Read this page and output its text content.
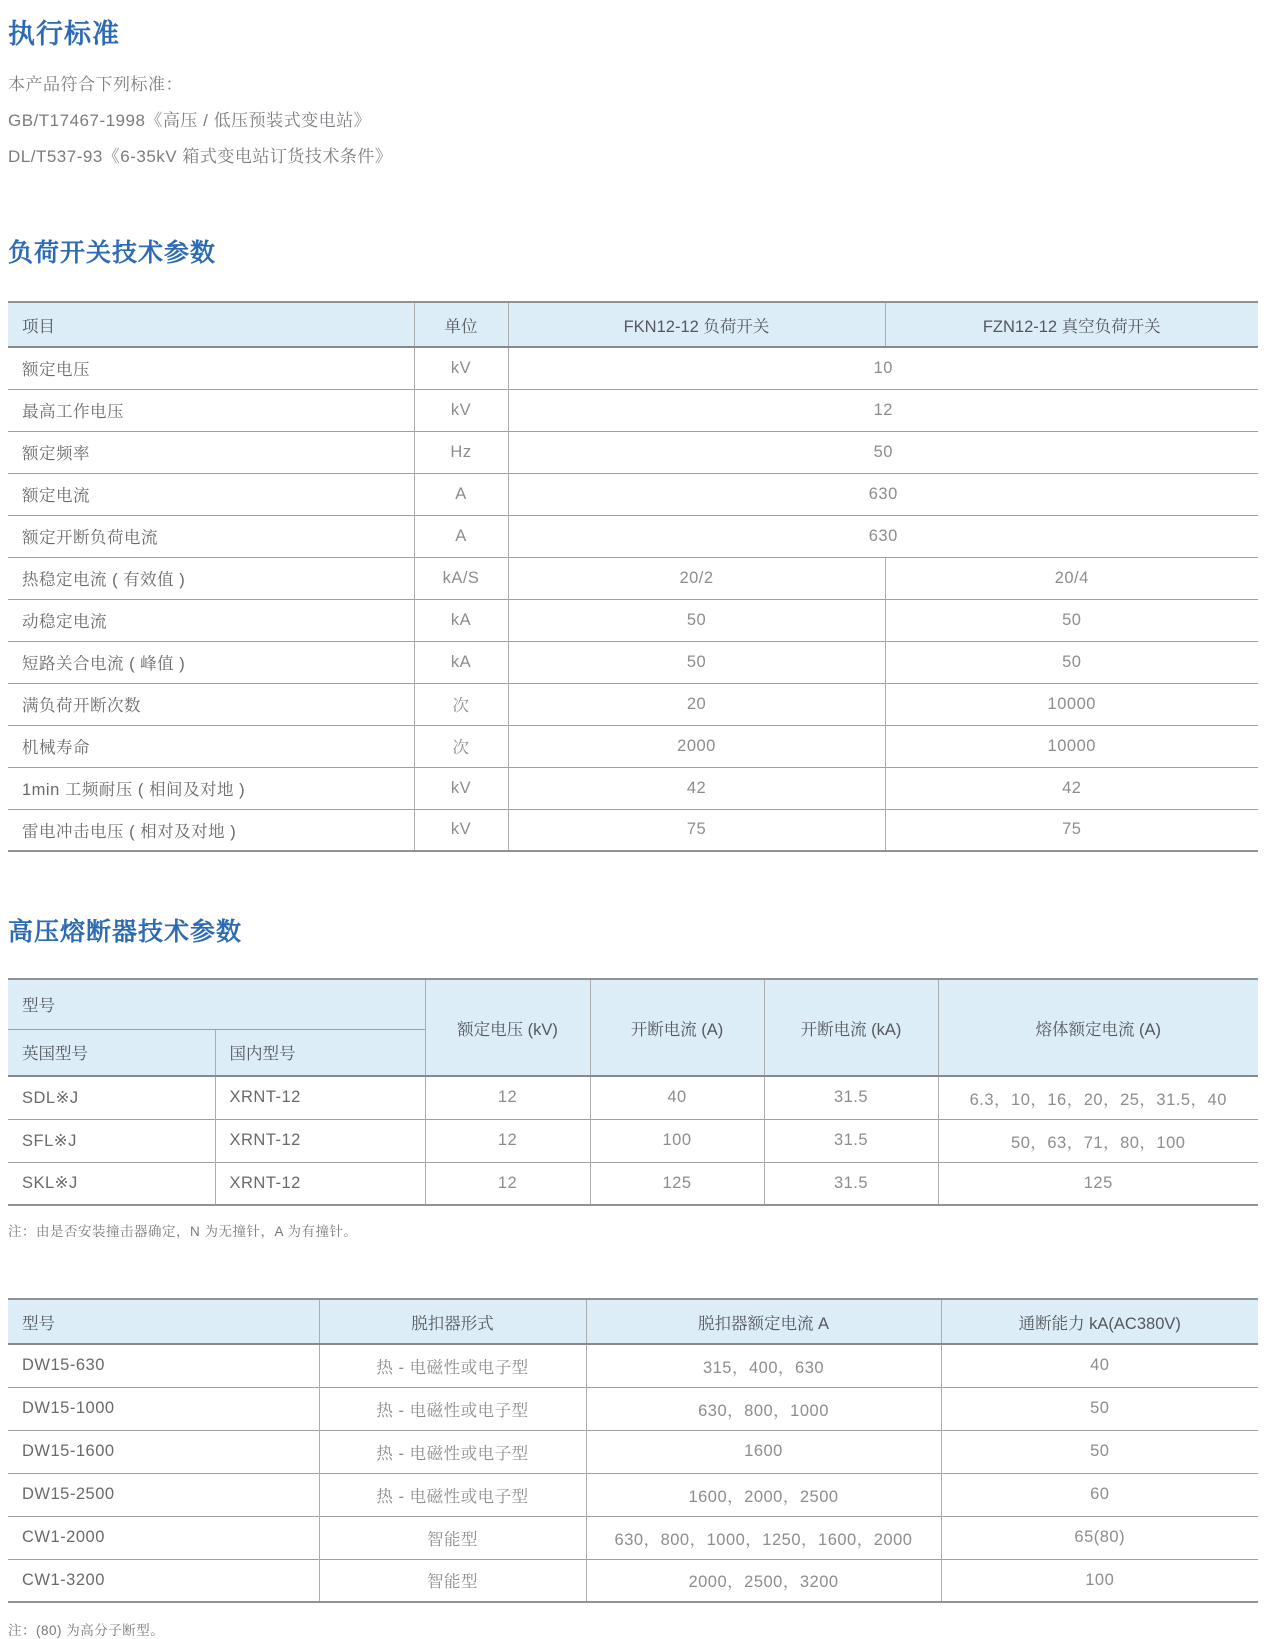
执行标准
本产品符合下列标准：
GB/T17467-1998《高压 / 低压预装式变电站》
DL/T537-93《6-35kV 箱式变电站订货技术条件》
负荷开关技术参数
项目	单位	FKN12-12 负荷开关	FZN12-12 真空负荷开关
额定电压	kV	10	
最高工作电压	kV	12	
额定频率	Hz	50	
额定电流	A	630	
额定开断负荷电流	A	630	
热稳定电流 ( 有效值 )	kA/S	20/2	20/4
动稳定电流	kA	50	50
短路关合电流 ( 峰值 )	kA	50	50
满负荷开断次数	次	20	10000
机械寿命	次	2000	10000
1min 工频耐压 ( 相间及对地 )	kV	42	42
雷电冲击电压 ( 相对及对地 )	kV	75	75
高压熔断器技术参数
型号		额定电压 (kV)	开断电流 (A)	开断电流 (kA)	熔体额定电流 (A)
英国型号	国内型号				
SDL※J	XRNT-12	12	40	31.5	6.3，10，16，20，25，31.5，40
SFL※J	XRNT-12	12	100	31.5	50，63，71，80，100
SKL※J	XRNT-12	12	125	31.5	125
注：由是否安装撞击器确定，N 为无撞针，A 为有撞针。
型号	脱扣器形式	脱扣器额定电流 A	通断能力 kA(AC380V)
DW15-630	热 - 电磁性或电子型	315，400，630	40
DW15-1000	热 - 电磁性或电子型	630，800，1000	50
DW15-1600	热 - 电磁性或电子型	1600	50
DW15-2500	热 - 电磁性或电子型	1600，2000，2500	60
CW1-2000	智能型	630，800，1000，1250，1600，2000	65(80)
CW1-3200	智能型	2000，2500，3200	100
注：(80) 为高分子断型。
